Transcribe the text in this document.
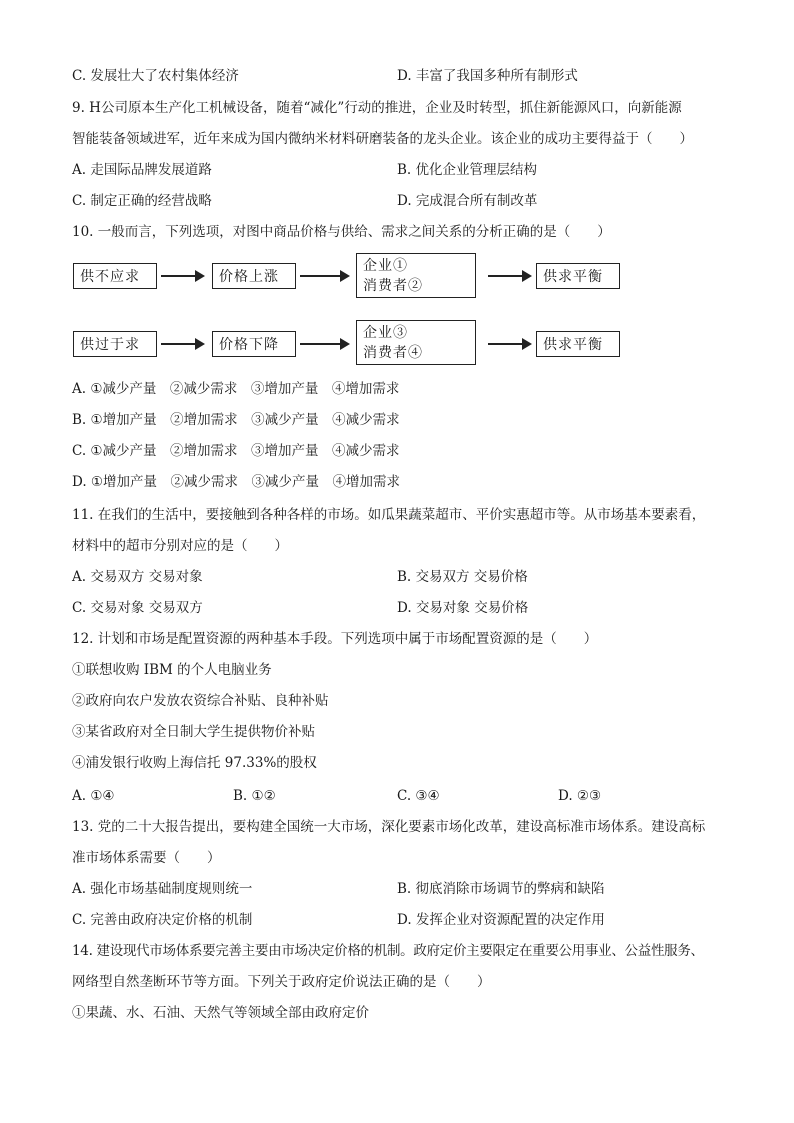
C. 发展壮大了农村集体经济	D. 丰富了我国多种所有制形式
9. H公司原本生产化工机械设备，随着“减化”行动的推进，企业及时转型，抓住新能源风口，向新能源
智能装备领域进军，近年来成为国内微纳米材料研磨装备的龙头企业。该企业的成功主要得益于（　　）
A. 走国际品牌发展道路	B. 优化企业管理层结构
C. 制定正确的经营战略	D. 完成混合所有制改革
10. 一般而言，下列选项，对图中商品价格与供给、需求之间关系的分析正确的是（　　）
供不应求	价格上涨
企业①
消费者②
供求平衡
供过于求	价格下降
企业③
消费者④	供求平衡
A. ①减少产量　②减少需求　③增加产量　④增加需求
B. ①增加产量　②增加需求　③减少产量　④减少需求
C. ①减少产量　②增加需求　③增加产量　④减少需求
D. ①增加产量　②减少需求　③减少产量　④增加需求
11. 在我们的生活中，要接触到各种各样的市场。如瓜果蔬菜超市、平价实惠超市等。从市场基本要素看，
材料中的超市分别对应的是（　　）
A. 交易双方 交易对象	B. 交易双方 交易价格
C. 交易对象 交易双方	D. 交易对象 交易价格
12. 计划和市场是配置资源的两种基本手段。下列选项中属于市场配置资源的是（　　）
①联想收购 IBM 的个人电脑业务
②政府向农户发放农资综合补贴、良种补贴
③某省政府对全日制大学生提供物价补贴
④浦发银行收购上海信托 97.33%的股权
A. ①④	B. ①②	C. ③④	D. ②③
13. 党的二十大报告提出，要构建全国统一大市场，深化要素市场化改革，建设高标准市场体系。建设高标
准市场体系需要（　　）
A. 强化市场基础制度规则统一	B. 彻底消除市场调节的弊病和缺陷
C. 完善由政府决定价格的机制	D. 发挥企业对资源配置的决定作用
14. 建设现代市场体系要完善主要由市场决定价格的机制。政府定价主要限定在重要公用事业、公益性服务、
网络型自然垄断环节等方面。下列关于政府定价说法正确的是（　　）
①果蔬、水、石油、天然气等领域全部由政府定价
